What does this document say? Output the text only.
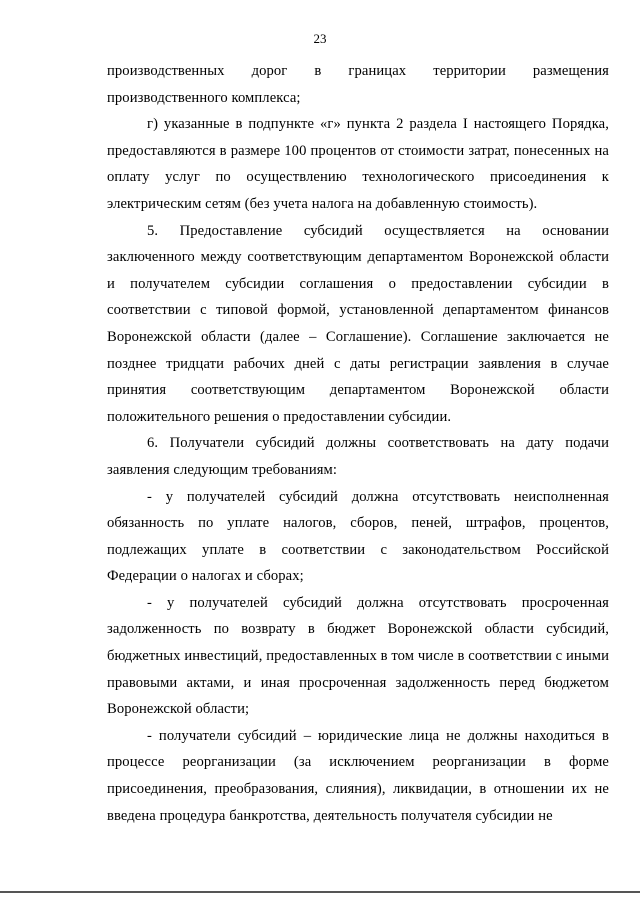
23

производственных дорог в границах территории размещения
производственного комплекса;

г) указанные в подпункте «г» пункта 2 раздела I настоящего Порядка, предоставляются в размере 100 процентов от стоимости затрат, понесенных на оплату услуг по осуществлению технологического присоединения к электрическим сетям (без учета налога на добавленную стоимость).

5. Предоставление субсидий осуществляется на основании заключенного между соответствующим департаментом Воронежской области и получателем субсидии соглашения о предоставлении субсидии в соответствии с типовой формой, установленной департаментом финансов Воронежской области (далее – Соглашение). Соглашение заключается не позднее тридцати рабочих дней с даты регистрации заявления в случае принятия соответствующим департаментом Воронежской области положительного решения о предоставлении субсидии.

6. Получатели субсидий должны соответствовать на дату подачи заявления следующим требованиям:

- у получателей субсидий должна отсутствовать неисполненная обязанность по уплате налогов, сборов, пеней, штрафов, процентов, подлежащих уплате в соответствии с законодательством Российской Федерации о налогах и сборах;

- у получателей субсидий должна отсутствовать просроченная задолженность по возврату в бюджет Воронежской области субсидий, бюджетных инвестиций, предоставленных в том числе в соответствии с иными правовыми актами, и иная просроченная задолженность перед бюджетом Воронежской области;

- получатели субсидий – юридические лица не должны находиться в процессе реорганизации (за исключением реорганизации в форме присоединения, преобразования, слияния), ликвидации, в отношении их не введена процедура банкротства, деятельность получателя субсидии не
